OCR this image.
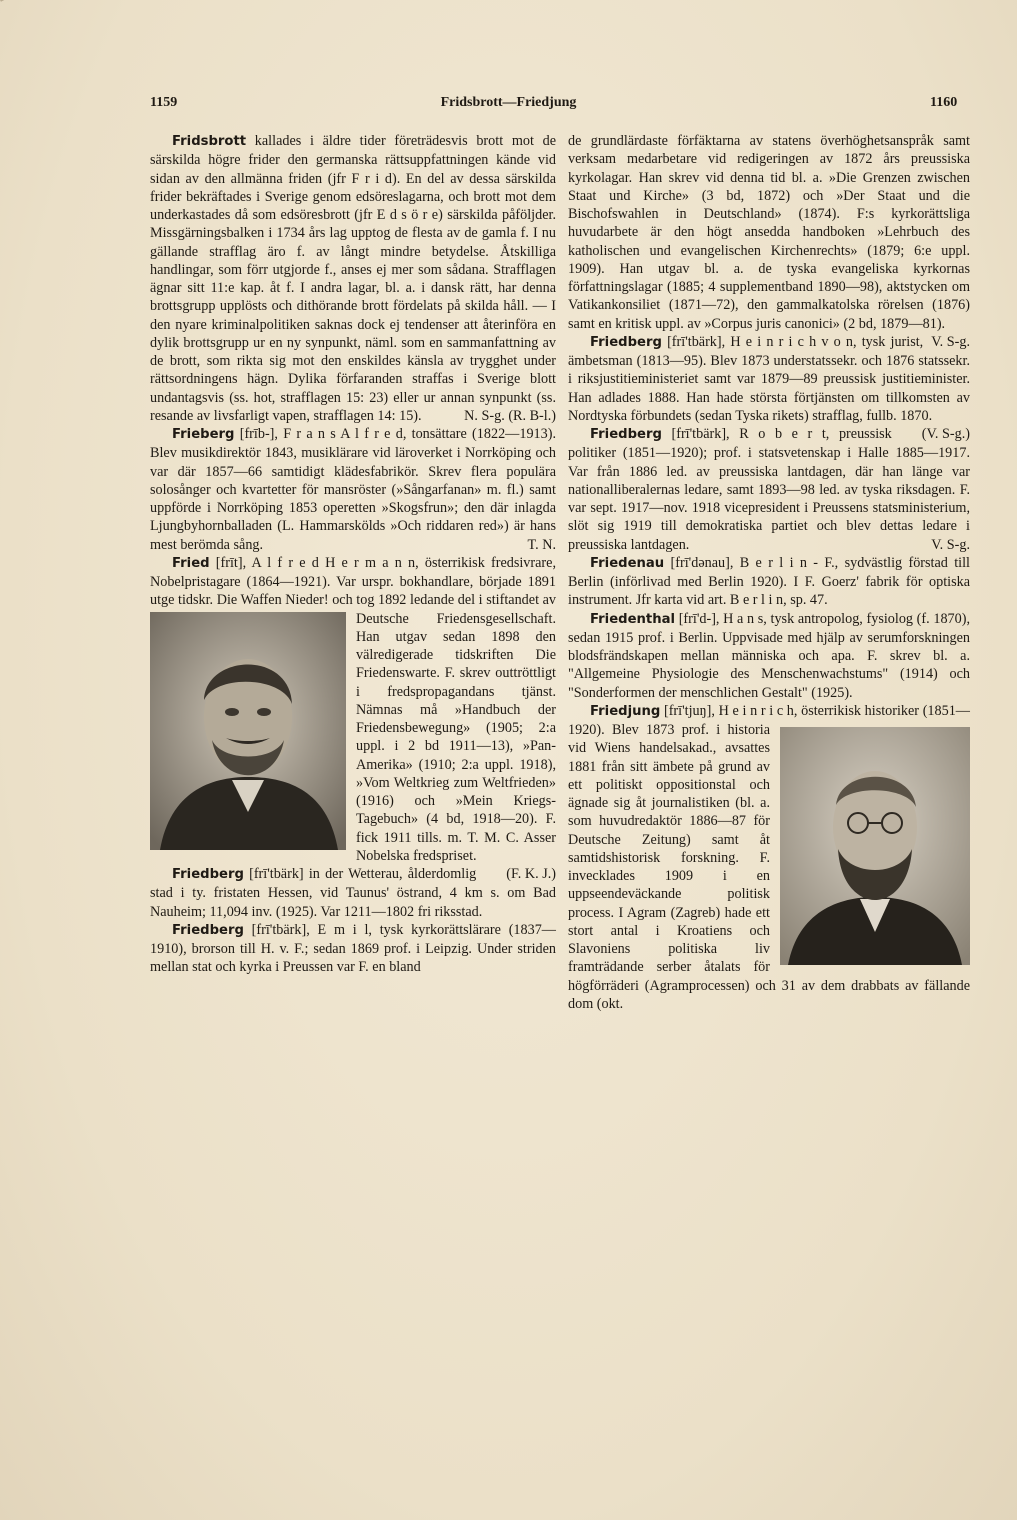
1159	Fridsbrott—Friedjung	1160

Fridsbrott kallades i äldre tider företrädesvis brott mot de särskilda högre frider den germanska rättsuppfattningen kände vid sidan av den allmänna friden (jfr F r i d). En del av dessa särskilda frider bekräftades i Sverige genom edsöreslagarna, och brott mot dem underkastades då som edsöresbrott (jfr E d s ö r e) särskilda påföljder. Missgärningsbalken i 1734 års lag upptog de flesta av de gamla f. I nu gällande strafflag äro f. av långt mindre betydelse. Åtskilliga handlingar, som förr utgjorde f., anses ej mer som sådana. Strafflagen ägnar sitt 11:e kap. åt f. I andra lagar, bl. a. i dansk rätt, har denna brottsgrupp upplösts och dithörande brott fördelats på skilda håll. — I den nyare kriminalpolitiken saknas dock ej tendenser att återinföra en dylik brottsgrupp ur en ny synpunkt, näml. som en sammanfattning av de brott, som rikta sig mot den enskildes känsla av trygghet under rättsordningens hägn. Dylika förfaranden straffas i Sverige blott undantagsvis (ss. hot, strafflagen 15: 23) eller ur annan synpunkt (ss. resande av livsfarligt vapen, strafflagen 14: 15).	N. S-g. (R. B-l.)

Frieberg [frīb-], F r a n s A l f r e d, tonsättare (1822—1913). Blev musikdirektör 1843, musiklärare vid läroverket i Norrköping och var där 1857—66 samtidigt klädesfabrikör. Skrev flera populära solosånger och kvartetter för mansröster (»Sångarfanan» m. fl.) samt uppförde i Norrköping 1853 operetten »Skogsfrun»; den där inlagda Ljungbyhornballaden (L. Hammarskölds »Och riddaren red») är hans mest berömda sång.	T. N.

Fried [frīt], A l f r e d H e r m a n n, österrikisk fredsivrare, Nobelpristagare (1864—1921). Var urspr. bokhandlare, började 1891 utge tidskr. Die Waffen Nieder! och tog 1892
ledande del i stiftandet av Deutsche Friedensgesellschaft. Han utgav sedan 1898 den välredigerade tidskriften Die Friedenswarte. F. skrev outtröttligt i fredspropagandans tjänst. Nämnas må »Handbuch der Friedensbewegung» (1905; 2:a uppl. i 2 bd 1911—13), »Pan-Amerika» (1910; 2:a uppl. 1918), »Vom Weltkrieg zum Weltfrieden» (1916) och »Mein Kriegs-Tagebuch» (4 bd, 1918—20). F. fick 1911 tills. m. T. M. C. Asser Nobelska fredspriset.
(F. K. J.)

Friedberg [frī'tbärk] in der Wetterau, ålderdomlig stad i ty. fristaten Hessen, vid Taunus' östrand, 4 km s. om Bad Nauheim; 11,094 inv. (1925). Var 1211—1802 fri riksstad.

Friedberg [frī'tbärk], E m i l, tysk kyrkorättslärare (1837—1910), brorson till H. v. F.; sedan 1869 prof. i Leipzig. Under striden mellan stat och kyrka i Preussen var F. en bland

de grundlärdaste förfäktarna av statens överhöghetsanspråk samt verksam medarbetare vid redigeringen av 1872 års preussiska kyrkolagar. Han skrev vid denna tid bl. a. »Die Grenzen zwischen Staat und Kirche» (3 bd, 1872) och »Der Staat und die Bischofswahlen in Deutschland» (1874). F:s kyrkorättsliga huvudarbete är den högt ansedda handboken »Lehrbuch des katholischen und evangelischen Kirchenrechts» (1879; 6:e uppl. 1909). Han utgav bl. a. de tyska evangeliska kyrkornas författningslagar (1885; 4 supplementband 1890—98), aktstycken om Vatikankonsiliet (1871—72), den gammalkatolska rörelsen (1876) samt en kritisk uppl. av »Corpus juris canonici» (2 bd, 1879—81).
V. S-g.

Friedberg [frī'tbärk], H e i n r i c h v o n, tysk jurist, ämbetsman (1813—95). Blev 1873 understatssekr. och 1876 statssekr. i riksjustitieministeriet samt var 1879—89 preussisk justitieminister. Han adlades 1888. Han hade största förtjänsten om tillkomsten av Nordtyska förbundets (sedan Tyska rikets) strafflag, fullb. 1870.
(V. S-g.)

Friedberg [frī'tbärk], R o b e r t, preussisk politiker (1851—1920); prof. i statsvetenskap i Halle 1885—1917. Var från 1886 led. av preussiska lantdagen, där han länge var nationalliberalernas ledare, samt 1893—98 led. av tyska riksdagen. F. var sept. 1917—nov. 1918 vicepresident i Preussens statsministerium, slöt sig 1919 till demokratiska partiet och blev dettas ledare i preussiska lantdagen.	V. S-g.

Friedenau [frī'dənau], B e r l i n - F., sydvästlig förstad till Berlin (införlivad med Berlin 1920). I F. Goerz' fabrik för optiska instrument. Jfr karta vid art. B e r l i n, sp. 47.

Friedenthal [frī'd-], H a n s, tysk antropolog, fysiolog (f. 1870), sedan 1915 prof. i Berlin. Uppvisade med hjälp av serumforskningen blodsfrändskapen mellan människa och apa. F. skrev bl. a. "Allgemeine Physiologie des Menschenwachstums" (1914) och "Sonderformen der menschlichen Gestalt" (1925).

Friedjung [frī'tjuŋ], H e i n r i c h, österrikisk historiker (1851—1920). Blev 1873 prof.
i historia vid Wiens handelsakad., avsattes 1881 från sitt ämbete på grund av ett politiskt oppositionstal och ägnade sig åt journalistiken (bl. a. som huvudredaktör 1886—87 för Deutsche Zeitung) samt åt samtidshistorisk forskning. F. invecklades 1909 i en uppseendeväckande politisk process. I Agram (Zagreb) hade ett stort antal i Kroatiens och Slavoniens politiska liv framträdande serber åtalats för högförräderi (Agramprocessen) och 31 av dem drabbats av fällande dom (okt.
